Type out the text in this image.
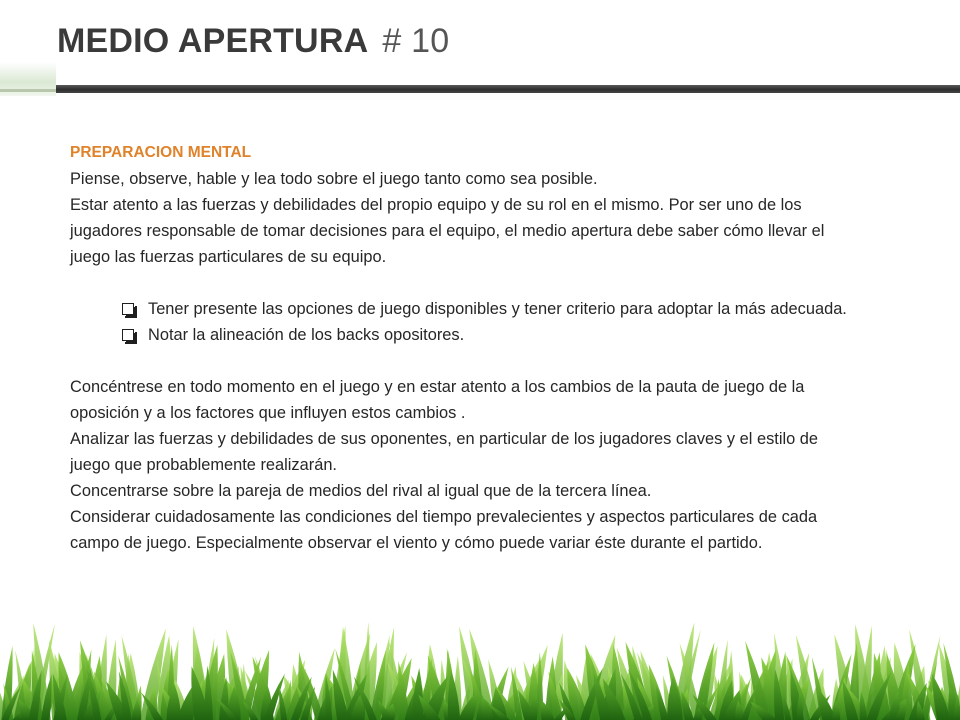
MEDIO APERTURA # 10

PREPARACION MENTAL

Piense, observe, hable y lea todo sobre el juego tanto como sea posible.

Estar atento a las fuerzas y debilidades del propio equipo y de su rol en el mismo. Por ser uno de los jugadores responsable de tomar decisiones para el equipo, el medio apertura debe saber cómo llevar el juego las fuerzas particulares de su equipo.

Tener presente las opciones de juego disponibles y tener criterio para adoptar la más adecuada.
Notar la alineación de los backs opositores.

Concéntrese en todo momento en el juego y en estar atento a los cambios de la pauta de juego de la oposición y a los factores que influyen estos cambios .

Analizar las fuerzas y debilidades de sus oponentes, en particular de los jugadores claves y el estilo de juego que probablemente realizarán.

Concentrarse sobre la pareja de medios del rival al igual que de la tercera línea.

Considerar cuidadosamente las condiciones del tiempo prevalecientes y aspectos particulares de cada campo de juego. Especialmente observar el viento y cómo puede variar éste durante el partido.
